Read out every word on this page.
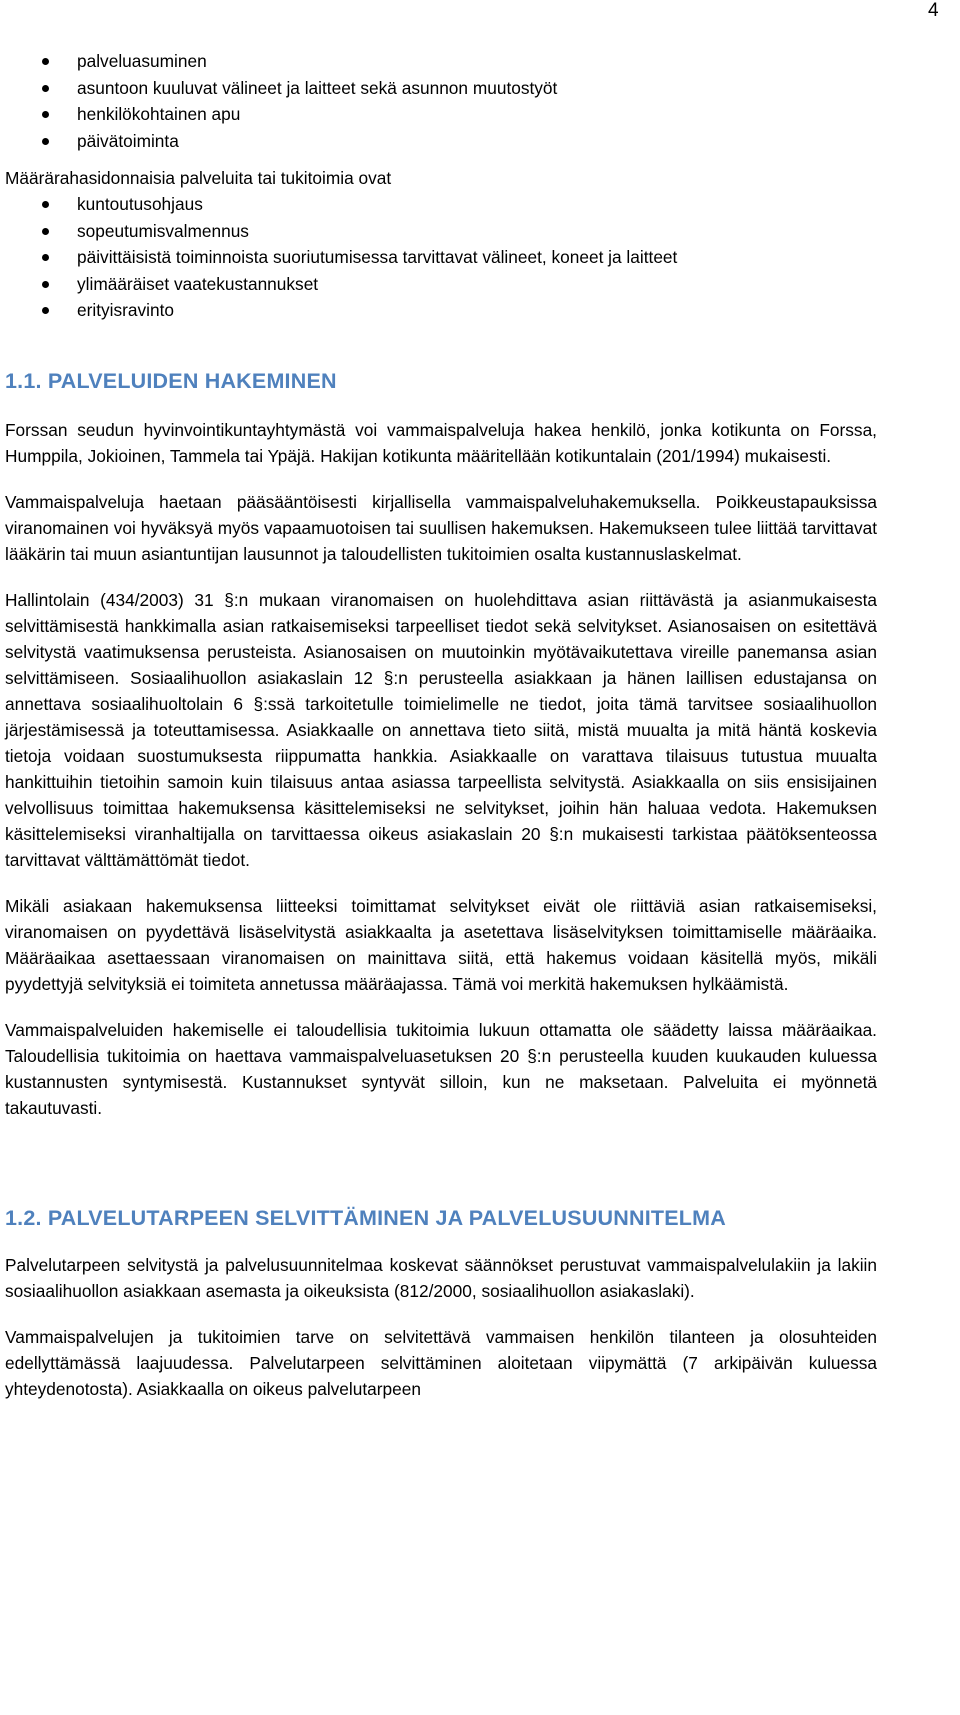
4
palveluasuminen
asuntoon kuuluvat välineet ja laitteet sekä asunnon muutostyöt
henkilökohtainen apu
päivätoiminta

Määrärahasidonnaisia palveluita tai tukitoimia ovat

kuntoutusohjaus
sopeutumisvalmennus
päivittäisistä toiminnoista suoriutumisessa tarvittavat välineet, koneet ja laitteet
ylimääräiset vaatekustannukset
erityisravinto
1.1. PALVELUIDEN HAKEMINEN

Forssan seudun hyvinvointikuntayhtymästä voi vammaispalveluja hakea henkilö, jonka kotikunta on Forssa, Humppila, Jokioinen, Tammela tai Ypäjä. Hakijan kotikunta määritellään kotikuntalain (201/1994) mukaisesti.

Vammaispalveluja haetaan pääsääntöisesti kirjallisella vammaispalveluhakemuksella. Poikkeustapauksissa viranomainen voi hyväksyä myös vapaamuotoisen tai suullisen hakemuksen. Hakemukseen tulee liittää tarvittavat lääkärin tai muun asiantuntijan lausunnot ja taloudellisten tukitoimien osalta kustannuslaskelmat.

Hallintolain (434/2003) 31 §:n mukaan viranomaisen on huolehdittava asian riittävästä ja asianmukaisesta selvittämisestä hankkimalla asian ratkaisemiseksi tarpeelliset tiedot sekä selvitykset. Asianosaisen on esitettävä selvitystä vaatimuksensa perusteista. Asianosaisen on muutoinkin myötävaikutettava vireille panemansa asian selvittämiseen. Sosiaalihuollon asiakaslain 12 §:n perusteella asiakkaan ja hänen laillisen edustajansa on annettava sosiaalihuoltolain 6 §:ssä tarkoitetulle toimielimelle ne tiedot, joita tämä tarvitsee sosiaalihuollon järjestämisessä ja toteuttamisessa. Asiakkaalle on annettava tieto siitä, mistä muualta ja mitä häntä koskevia tietoja voidaan suostumuksesta riippumatta hankkia. Asiakkaalle on varattava tilaisuus tutustua muualta hankittuihin tietoihin samoin kuin tilaisuus antaa asiassa tarpeellista selvitystä. Asiakkaalla on siis ensisijainen velvollisuus toimittaa hakemuksensa käsittelemiseksi ne selvitykset, joihin hän haluaa vedota. Hakemuksen käsittelemiseksi viranhaltijalla on tarvittaessa oikeus asiakaslain 20 §:n mukaisesti tarkistaa päätöksenteossa tarvittavat välttämättömät tiedot.

Mikäli asiakaan hakemuksensa liitteeksi toimittamat selvitykset eivät ole riittäviä asian ratkaisemiseksi, viranomaisen on pyydettävä lisäselvitystä asiakkaalta ja asetettava lisäselvityksen toimittamiselle määräaika. Määräaikaa asettaessaan viranomaisen on mainittava siitä, että hakemus voidaan käsitellä myös, mikäli pyydettyjä selvityksiä ei toimiteta annetussa määräajassa. Tämä voi merkitä hakemuksen hylkäämistä.

Vammaispalveluiden hakemiselle ei taloudellisia tukitoimia lukuun ottamatta ole säädetty laissa määräaikaa. Taloudellisia tukitoimia on haettava vammaispalveluasetuksen 20 §:n perusteella kuuden kuukauden kuluessa kustannusten syntymisestä. Kustannukset syntyvät silloin, kun ne maksetaan. Palveluita ei myönnetä takautuvasti.

1.2. PALVELUTARPEEN SELVITTÄMINEN JA PALVELUSUUNNITELMA

Palvelutarpeen selvitystä ja palvelusuunnitelmaa koskevat säännökset perustuvat vammaispalvelulakiin ja lakiin sosiaalihuollon asiakkaan asemasta ja oikeuksista (812/2000, sosiaalihuollon asiakaslaki).

Vammaispalvelujen ja tukitoimien tarve on selvitettävä vammaisen henkilön tilanteen ja olosuhteiden edellyttämässä laajuudessa. Palvelutarpeen selvittäminen aloitetaan viipymättä (7 arkipäivän kuluessa yhteydenotosta). Asiakkaalla on oikeus palvelutarpeen
